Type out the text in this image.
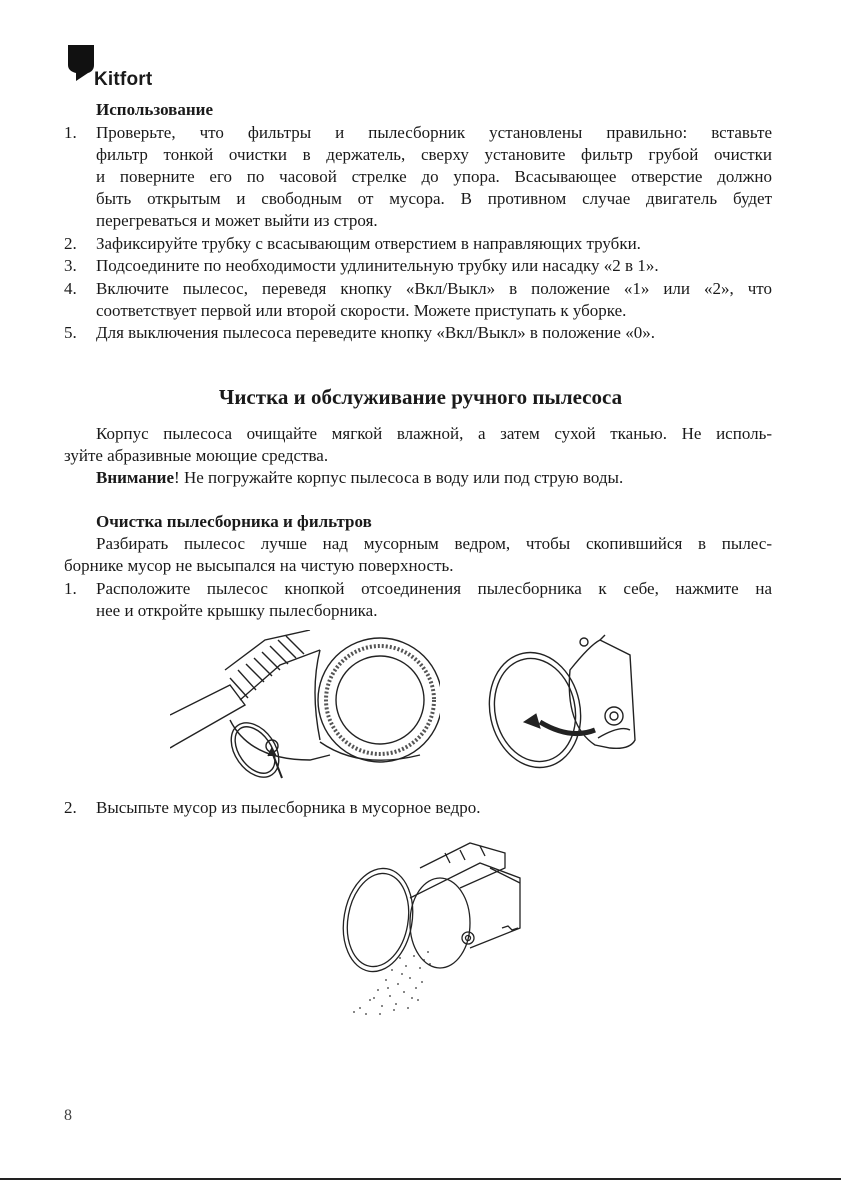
Kitfort
Использование
1. Проверьте, что фильтры и пылесборник установлены правильно: вставьте
фильтр тонкой очистки в держатель, сверху установите фильтр грубой очистки
и поверните его по часовой стрелке до упора. Всасывающее отверстие должно
быть открытым и свободным от мусора. В противном случае двигатель будет
перегреваться и может выйти из строя.
2. Зафиксируйте трубку с всасывающим отверстием в направляющих трубки.
3. Подсоедините по необходимости удлинительную трубку или насадку «2 в 1».
4. Включите пылесос, переведя кнопку «Вкл/Выкл» в положение «1» или «2», что
соответствует первой или второй скорости. Можете приступать к уборке.
5. Для выключения пылесоса переведите кнопку «Вкл/Выкл» в положение «0».
Чистка и обслуживание ручного пылесоса
Корпус пылесоса очищайте мягкой влажной, а затем сухой тканью. Не исполь-
зуйте абразивные моющие средства.
Внимание! Не погружайте корпус пылесоса в воду или под струю воды.
Очистка пылесборника и фильтров
Разбирать пылесос лучше над мусорным ведром, чтобы скопившийся в пылес-
борнике мусор не высыпался на чистую поверхность.
1. Расположите пылесос кнопкой отсоединения пылесборника к себе, нажмите на
нее и откройте крышку пылесборника.
2. Высыпьте мусор из пылесборника в мусорное ведро.
8
